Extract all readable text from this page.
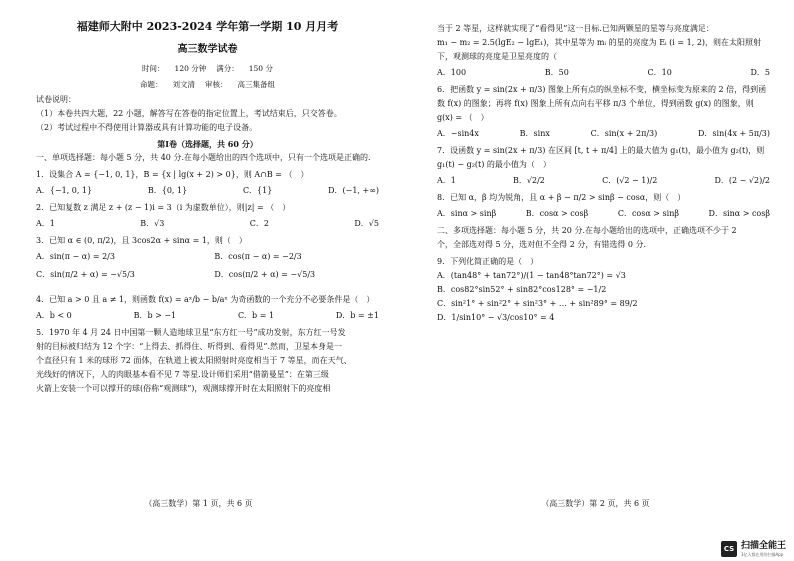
福建师大附中 2023-2024 学年第一学期 10 月月考
高三数学试卷
时间： 120 分钟 满分： 150 分
命题： 刘文清 审核： 高三集备组
试卷说明：
（1）本卷共四大题，22 小题，解答写在答卷的指定位置上，考试结束后，只交答卷。
（2）考试过程中不得使用计算器或具有计算功能的电子设备。
第Ⅰ卷（选择题，共 60 分）
一、单项选择题：每小题 5 分，共 40 分.在每小题给出的四个选项中，只有一个选项是正确的.
1．设集合 A = {−1, 0, 1}，B = {x | lg(x + 2) > 0}，则 A∩B = （　）
A．{−1, 0, 1}	B．{0, 1}	C．{1}	D．(−1, +∞)
2．已知复数 z 满足 z + (z − 1)i = 3（i 为虚数单位），则|z| = （　）
A．1	B．√3	C．2	D．√5
3．已知 α ∈ (0, π/2)，且 3cos2α + sinα = 1，则（　）
A．sin(π − α) = 2/3	B．cos(π − α) = −2/3
C．sin(π/2 + α) = −√5/3	D．cos(π/2 + α) = −√5/3
4．已知 a > 0 且 a ≠ 1，则函数 f(x) = aˣ/b − b/aˣ 为奇函数的一个充分不必要条件是（　）
A．b < 0	B．b > −1	C．b = 1	D．b = ±1
5．1970 年 4 月 24 日中国第一颗人造地球卫星“东方红一号”成功发射，东方红一号发
射的目标被归结为 12 个字：“上得去、抓得住、听得到、看得见”.然而，卫星本身是一
个直径只有 1 米的球形 72 面体，在轨道上被太阳照射时亮度相当于 7 等星，而在天气、
光线好的情况下，人的肉眼基本看不见 7 等星.设计师们采用“借箭曼星”：在第三级
火箭上安装一个可以撑开的球(俗称“观测球”)，观测球撑开时在太阳照射下的亮度相
（高三数学）第 1 页，共 6 页
当于 2 等星，这样就实现了“看得见”这一目标.已知两颗星的星等与亮度满足：
m₁ − m₂ = 2.5(lgE₂ − lgE₁)，其中星等为 mᵢ 的星的亮度为 Eᵢ (i = 1, 2)，则在太阳照射
下，观测球的亮度是卫星亮度的（
A．100	B．50	C．10	D．5
6．把函数 y = sin(2x + π/3) 图象上所有点的纵坐标不变，横坐标变为原来的 2 倍，得到函
数 f(x) 的图象；再将 f(x) 图象上所有点向右平移 π/3 个单位，得到函数 g(x) 的图象，则
g(x) = （　）
A．−sin4x	B．sinx	C．sin(x + 2π/3)	D．sin(4x + 5π/3)
7．设函数 y = sin(2x + π/3) 在区间 [t, t + π/4] 上的最大值为 g₁(t)，最小值为 g₂(t)，则
g₁(t) − g₂(t) 的最小值为（　）
A．1	B．√2/2	C．(√2 − 1)/2	D．(2 − √2)/2
8．已知 α，β 均为锐角，且 α + β − π/2 > sinβ − cosα，则（　）
A．sinα > sinβ	B．cosα > cosβ	C．cosα > sinβ	D．sinα > cosβ
二、多项选择题：每小题 5 分，共 20 分.在每小题给出的选项中，正确选项不少于 2
个，全部选对得 5 分，选对但不全得 2 分，有错选得 0 分.
9．下列化简正确的是（　）
A．(tan48° + tan72°)/(1 − tan48°tan72°) = √3
B．cos82°sin52° + sin82°cos128° = −1/2
C．sin²1° + sin²2° + sin²3° + … + sin²89° = 89/2
D．1/sin10° − √3/cos10° = 4
（高三数学）第 2 页，共 6 页
CS 扫描全能王
3亿人都在用的扫描App
